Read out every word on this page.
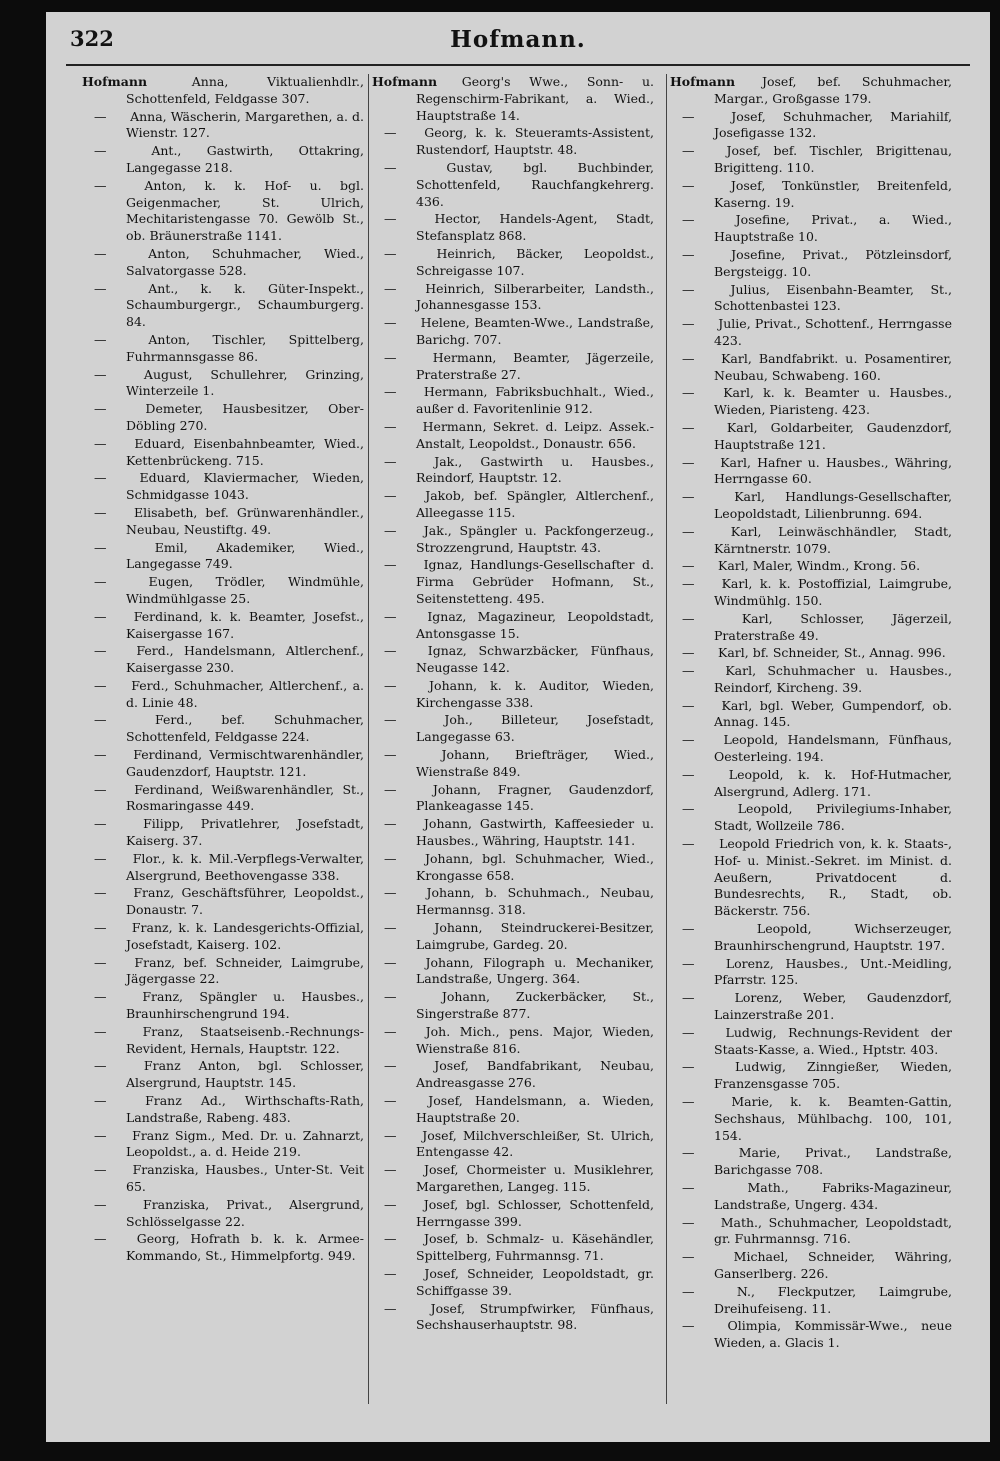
322	Hofmann.
Hofmann	Anna, Viktualienhdlr., Schottenfeld, Feldgasse 307.
— Anna, Wäscherin, Margarethen, a. d. Wienstr. 127.
—	Ant., Gastwirth, Ottakring, Langegasse 218.
—	Anton, k. k. Hof- u. bgl. Geigenmacher, St. Ulrich, Mechitaristengasse 70. Gewölb St., ob. Bräunerstraße 1141.
—	Anton, Schuhmacher, Wied., Salvatorgasse 528.
—	Ant., k. k. Güter-Inspekt., Schaumburgergr., Schaumburgerg. 84.
—	Anton, Tischler, Spittelberg, Fuhrmannsgasse 86.
—	August, Schullehrer, Grinzing, Winterzeile 1.
—	Demeter, Hausbesitzer, Ober-Döbling 270.
— Eduard, Eisenbahnbeamter, Wied., Kettenbrückeng. 715.
—	Eduard, Klaviermacher, Wieden, Schmidgasse 1043.
— Elisabeth, bef. Grünwarenhändler., Neubau, Neustiftg. 49.
—	Emil, Akademiker, Wied., Langegasse 749.
—	Eugen, Trödler, Windmühle, Windmühlgasse 25.
— Ferdinand, k. k. Beamter, Josefst., Kaisergasse 167.
— Ferd., Handelsmann, Altlerchenf., Kaisergasse 230.
— Ferd., Schuhmacher, Altlerchenf., a. d. Linie 48.
—	Ferd., bef. Schuhmacher, Schottenfeld, Feldgasse 224.
— Ferdinand, Vermischtwarenhändler, Gaudenzdorf, Hauptstr. 121.
— Ferdinand, Weißwarenhändler, St., Rosmaringasse 449.
—	Filipp, Privatlehrer, Josefstadt, Kaiserg. 37.
— Flor., k. k. Mil.-Verpflegs-Verwalter, Alsergrund, Beethovengasse 338.
— Franz, Geschäftsführer, Leopoldst., Donaustr. 7.
— Franz, k. k. Landesgerichts-Offizial, Josefstadt, Kaiserg. 102.
— Franz, bef. Schneider, Laimgrube, Jägergasse 22.
—	Franz, Spängler u. Hausbes., Braunhirschengrund 194.
—	Franz, Staatseisenb.-Rechnungs-Revident, Hernals, Hauptstr. 122.
—	Franz Anton, bgl. Schlosser, Alsergrund, Hauptstr. 145.
—	Franz Ad., Wirthschafts-Rath, Landstraße, Rabeng. 483.
— Franz Sigm., Med. Dr. u. Zahnarzt, Leopoldst., a. d. Heide 219.
— Franziska, Hausbes., Unter-St. Veit 65.
—	Franziska, Privat., Alsergrund, Schlösselgasse 22.
— Georg, Hofrath b. k. k. Armee-Kommando, St., Himmelpfortg. 949.
Hofmann Georg's Wwe., Sonn- u. Regenschirm-Fabrikant, a. Wied., Hauptstraße 14.
— Georg, k. k. Steueramts-Assistent, Rustendorf, Hauptstr. 48.
—	Gustav, bgl. Buchbinder, Schottenfeld, Rauchfangkehrerg. 436.
—	Hector, Handels-Agent, Stadt, Stefansplatz 868.
—	Heinrich, Bäcker, Leopoldst., Schreigasse 107.
— Heinrich, Silberarbeiter, Landsth., Johannesgasse 153.
— Helene, Beamten-Wwe., Landstraße, Barichg. 707.
—	Hermann, Beamter, Jägerzeile, Praterstraße 27.
— Hermann, Fabriksbuchhalt., Wied., außer d. Favoritenlinie 912.
— Hermann, Sekret. d. Leipz. Assek.-Anstalt, Leopoldst., Donaustr. 656.
—	Jak., Gastwirth u. Hausbes., Reindorf, Hauptstr. 12.
— Jakob, bef. Spängler, Altlerchenf., Alleegasse 115.
— Jak., Spängler u. Packfongerzeug., Strozzengrund, Hauptstr. 43.
— Ignaz, Handlungs-Gesellschafter d. Firma Gebrüder Hofmann, St., Seitenstetteng. 495.
— Ignaz, Magazineur, Leopoldstadt, Antonsgasse 15.
—	Ignaz, Schwarzbäcker, Fünfhaus, Neugasse 142.
—	Johann, k. k. Auditor, Wieden, Kirchengasse 338.
—	Joh., Billeteur, Josefstadt, Langegasse 63.
—	Johann, Briefträger, Wied., Wienstraße 849.
—	Johann, Fragner, Gaudenzdorf, Plankeagasse 145.
— Johann, Gastwirth, Kaffeesieder u. Hausbes., Währing, Hauptstr. 141.
— Johann, bgl. Schuhmacher, Wied., Krongasse 658.
— Johann, b. Schuhmach., Neubau, Hermannsg. 318.
—	Johann, Steindruckerei-Besitzer, Laimgrube, Gardeg. 20.
— Johann, Filograph u. Mechaniker, Landstraße, Ungerg. 364.
—	Johann, Zuckerbäcker, St., Singerstraße 877.
— Joh. Mich., pens. Major, Wieden, Wienstraße 816.
—	Josef, Bandfabrikant, Neubau, Andreasgasse 276.
—	Josef, Handelsmann, a. Wieden, Hauptstraße 20.
— Josef, Milchverschleißer, St. Ulrich, Entengasse 42.
— Josef, Chormeister u. Musiklehrer, Margarethen, Langeg. 115.
— Josef, bgl. Schlosser, Schottenfeld, Herrngasse 399.
— Josef, b. Schmalz- u. Käsehändler, Spittelberg, Fuhrmannsg. 71.
— Josef, Schneider, Leopoldstadt, gr. Schiffgasse 39.
—	Josef, Strumpfwirker, Fünfhaus, Sechshauserhauptstr. 98.
Hofmann Josef, bef. Schuhmacher, Margar., Großgasse 179.
—	Josef, Schuhmacher, Mariahilf, Josefigasse 132.
—	Josef, bef. Tischler, Brigittenau, Brigitteng. 110.
—	Josef, Tonkünstler, Breitenfeld, Kaserng. 19.
—	Josefine, Privat., a. Wied., Hauptstraße 10.
—	Josefine, Privat., Pötzleinsdorf, Bergsteigg. 10.
—	Julius, Eisenbahn-Beamter, St., Schottenbastei 123.
— Julie, Privat., Schottenf., Herrngasse 423.
— Karl, Bandfabrikt. u. Posamentirer, Neubau, Schwabeng. 160.
— Karl, k. k. Beamter u. Hausbes., Wieden, Piaristeng. 423.
—	Karl, Goldarbeiter, Gaudenzdorf, Hauptstraße 121.
— Karl, Hafner u. Hausbes., Währing, Herrngasse 60.
—	Karl, Handlungs-Gesellschafter, Leopoldstadt, Lilienbrunng. 694.
—	Karl, Leinwäschhändler, Stadt, Kärntnerstr. 1079.
— Karl, Maler, Windm., Krong. 56.
— Karl, k. k. Postoffizial, Laimgrube, Windmühlg. 150.
—	Karl, Schlosser, Jägerzeil, Praterstraße 49.
— Karl, bf. Schneider, St., Annag. 996.
— Karl, Schuhmacher u. Hausbes., Reindorf, Kircheng. 39.
— Karl, bgl. Weber, Gumpendorf, ob. Annag. 145.
— Leopold, Handelsmann, Fünfhaus, Oesterleing. 194.
—	Leopold, k. k. Hof-Hutmacher, Alsergrund, Adlerg. 171.
—	Leopold, Privilegiums-Inhaber, Stadt, Wollzeile 786.
— Leopold Friedrich von, k. k. Staats-, Hof- u. Minist.-Sekret. im Minist. d. Aeußern, Privatdocent d. Bundesrechts, R., Stadt, ob. Bäckerstr. 756.
—	Leopold, Wichserzeuger, Braunhirschengrund, Hauptstr. 197.
—	Lorenz, Hausbes., Unt.-Meidling, Pfarrstr. 125.
—	Lorenz, Weber, Gaudenzdorf, Lainzerstraße 201.
— Ludwig, Rechnungs-Revident der Staats-Kasse, a. Wied., Hptstr. 403.
—	Ludwig, Zinngießer, Wieden, Franzensgasse 705.
—	Marie, k. k. Beamten-Gattin, Sechshaus, Mühlbachg. 100, 101, 154.
—	Marie, Privat., Landstraße, Barichgasse 708.
—	Math., Fabriks-Magazineur, Landstraße, Ungerg. 434.
— Math., Schuhmacher, Leopoldstadt, gr. Fuhrmannsg. 716.
—	Michael, Schneider, Währing, Ganserlberg. 226.
—	N., Fleckputzer, Laimgrube, Dreihufeiseng. 11.
—	Olimpia, Kommissär-Wwe., neue Wieden, a. Glacis 1.
